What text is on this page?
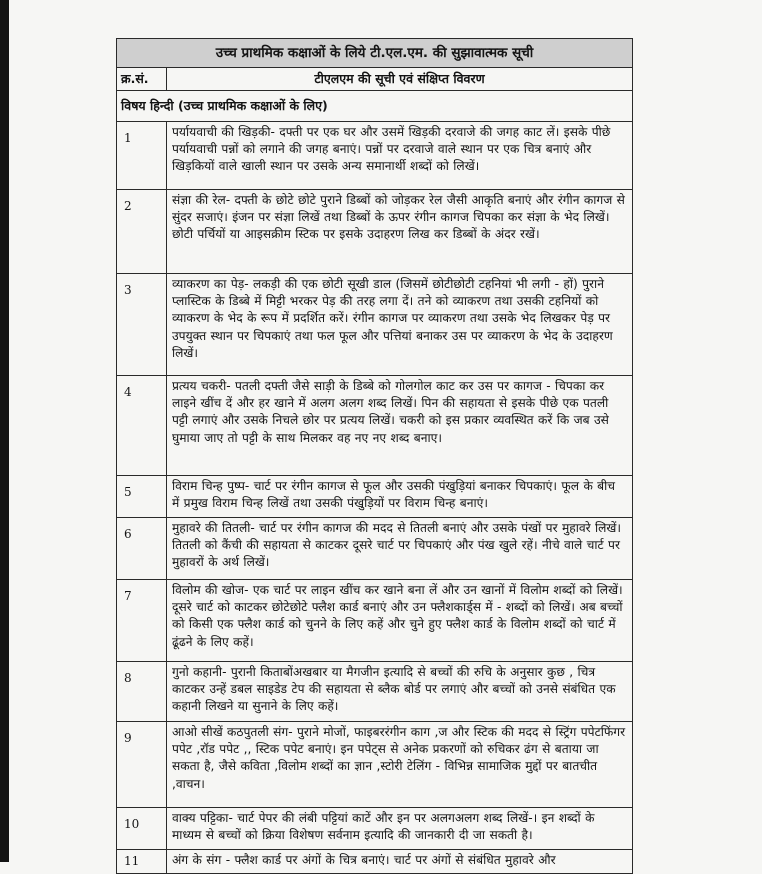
उच्च प्राथमिक कक्षाओं के लिये टी.एल.एम. की सुझावात्मक सूची	
क्र.सं.	टीएलएम की सूची एवं संक्षिप्त विवरण
विषय हिन्दी (उच्च प्राथमिक कक्षाओं के लिए)	
1	पर्यायवाची की खिड़की- दफ्ती पर एक घर और उसमें खिड़की दरवाजे की जगह काट लें। इसके पीछे पर्यायवाची पन्नों को लगाने की जगह बनाएं। पन्नों पर दरवाजे वाले स्थान पर एक चित्र बनाएं और खिड़कियों वाले खाली स्थान पर उसके अन्य समानार्थी शब्दों को लिखें।
2	संज्ञा की रेल- दफ्ती के छोटे छोटे पुराने डिब्बों को जोड़कर रेल जैसी आकृति बनाएं और रंगीन कागज से सुंदर सजाएं। इंजन पर संज्ञा लिखें तथा डिब्बों के ऊपर रंगीन कागज चिपका कर संज्ञा के भेद लिखें। छोटी पर्चियों या आइसक्रीम स्टिक पर इसके उदाहरण लिख कर डिब्बों के अंदर रखें।
3	व्याकरण का पेड़- लकड़ी की एक छोटी सूखी डाल (जिसमें छोटीछोटी टहनियां भी लगी - हों) पुराने प्लास्टिक के डिब्बे में मिट्टी भरकर पेड़ की तरह लगा दें। तने को व्याकरण तथा उसकी टहनियों को व्याकरण के भेद के रूप में प्रदर्शित करें। रंगीन कागज पर व्याकरण तथा उसके भेद लिखकर पेड़ पर उपयुक्त स्थान पर चिपकाएं तथा फल फूल और पत्तियां बनाकर उस पर व्याकरण के भेद के उदाहरण लिखें।
4	प्रत्यय चकरी- पतली दफ्ती जैसे साड़ी के डिब्बे को गोलगोल काट कर उस पर कागज - चिपका कर लाइने खींच दें और हर खाने में अलग अलग शब्द लिखें। पिन की सहायता से इसके पीछे एक पतली पट्टी लगाएं और उसके निचले छोर पर प्रत्यय लिखें। चकरी को इस प्रकार व्यवस्थित करें कि जब उसे घुमाया जाए तो पट्टी के साथ मिलकर वह नए नए शब्द बनाए।
5	विराम चिन्ह पुष्प- चार्ट पर रंगीन कागज से फूल और उसकी पंखुड़ियां बनाकर चिपकाएं। फूल के बीच में प्रमुख विराम चिन्ह लिखें तथा उसकी पंखुड़ियों पर विराम चिन्ह बनाएं।
6	मुहावरे की तितली- चार्ट पर रंगीन कागज की मदद से तितली बनाएं और उसके पंखों पर मुहावरे लिखें। तितली को कैंची की सहायता से काटकर दूसरे चार्ट पर चिपकाएं और पंख खुले रहें। नीचे वाले चार्ट पर मुहावरों के अर्थ लिखें।
7	विलोम की खोज- एक चार्ट पर लाइन खींच कर खाने बना लें और उन खानों में विलोम शब्दों को लिखें। दूसरे चार्ट को काटकर छोटेछोटे फ्लैश कार्ड बनाएं और उन फ्लैशकार्ड्स में - शब्दों को लिखें। अब बच्चों को किसी एक फ्लैश कार्ड को चुनने के लिए कहें और चुने हुए फ्लैश कार्ड के विलोम शब्दों को चार्ट में ढूंढने के लिए कहें।
8	गुनो कहानी- पुरानी किताबोंअखबार या मैगजीन इत्यादि से बच्चों की रुचि के अनुसार कुछ , चित्र काटकर उन्हें डबल साइडेड टेप की सहायता से ब्लैक बोर्ड पर लगाएं और बच्चों को उनसे संबंधित एक कहानी लिखने या सुनाने के लिए कहें।
9	आओ सीखें कठपुतली संग- पुराने मोजों, फाइबररंगीन काग ,ज और स्टिक की मदद से स्ट्रिंग पपेटफिंगर पपेट ,रॉड पपेट ,, स्टिक पपेट बनाएं। इन पपेट्स से अनेक प्रकरणों को रुचिकर ढंग से बताया जा सकता है, जैसे कविता ,विलोम शब्दों का ज्ञान ,स्टोरी टेलिंग - विभिन्न सामाजिक मुद्दों पर बातचीत ,वाचन।
10	वाक्य पट्टिका- चार्ट पेपर की लंबी पट्टियां काटें और इन पर अलगअलग शब्द लिखें-। इन शब्दों के माध्यम से बच्चों को क्रिया विशेषण सर्वनाम इत्यादि की जानकारी दी जा सकती है।
11	अंग के संग - फ्लैश कार्ड पर अंगों के चित्र बनाएं। चार्ट पर अंगों से संबंधित मुहावरे और
